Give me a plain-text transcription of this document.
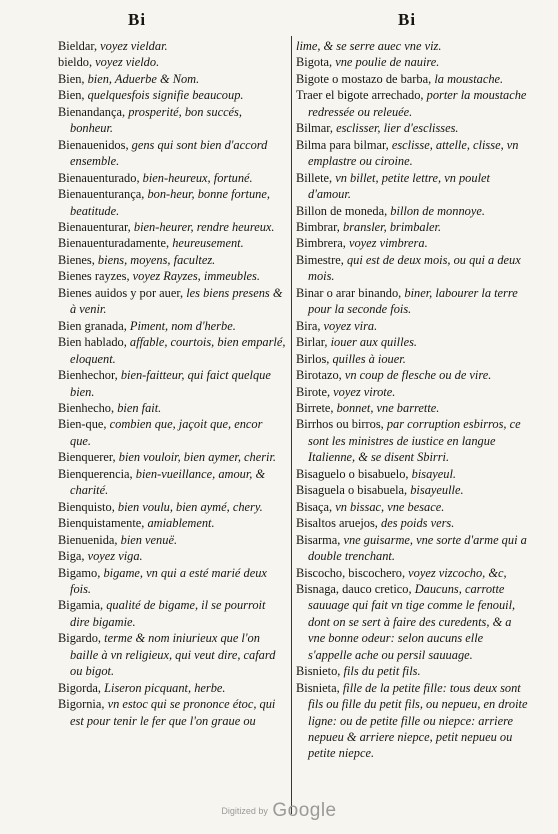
Bi	Bi

Bieldar, voyez vieldar.

bieldo, voyez vieldo.

Bien, bien, Aduerbe & Nom.

Bien, quelquesfois signifie beaucoup.

Bienandança, prosperité, bon succés, bonheur.

Bienauenidos, gens qui sont bien d'accord ensemble.

Bienauenturado, bien-heureux, fortuné.

Bienauenturança, bon-heur, bonne fortune, beatitude.

Bienauenturar, bien-heurer, rendre heureux.

Bienauenturadamente, heureusement.

Bienes, biens, moyens, facultez.

Bienes rayzes, voyez Rayzes, immeubles.

Bienes auidos y por auer, les biens presens & à venir.

Bien granada, Piment, nom d'herbe.

Bien hablado, affable, courtois, bien emparlé, eloquent.

Bienhechor, bien-faitteur, qui faict quelque bien.

Bienhecho, bien fait.

Bien-que, combien que, jaçoit que, encor que.

Bienquerer, bien vouloir, bien aymer, cherir.

Bienquerencia, bien-vueillance, amour, & charité.

Bienquisto, bien voulu, bien aymé, chery.

Bienquistamente, amiablement.

Bienuenida, bien venuë.

Biga, voyez viga.

Bigamo, bigame, vn qui a esté marié deux fois.

Bigamia, qualité de bigame, il se pourroit dire bigamie.

Bigardo, terme & nom iniurieux que l'on baille à vn religieux, qui veut dire, cafard ou bigot.

Bigorda, Liseron picquant, herbe.

Bigornia, vn estoc qui se prononce étoc, qui est pour tenir le fer que l'on graue ou

lime, & se serre auec vne viz.

Bigota, vne poulie de nauire.

Bigote o mostazo de barba, la moustache.

Traer el bigote arrechado, porter la moustache redressée ou releuée.

Bilmar, esclisser, lier d'esclisses.

Bilma para bilmar, esclisse, attelle, clisse, vn emplastre ou ciroine.

Billete, vn billet, petite lettre, vn poulet d'amour.

Billon de moneda, billon de monnoye.

Bimbrar, bransler, brimbaler.

Bimbrera, voyez vimbrera.

Bimestre, qui est de deux mois, ou qui a deux mois.

Binar o arar binando, biner, labourer la terre pour la seconde fois.

Bira, voyez vira.

Birlar, iouer aux quilles.

Birlos, quilles à iouer.

Birotazo, vn coup de flesche ou de vire.

Birote, voyez virote.

Birrete, bonnet, vne barrette.

Birrhos ou birros, par corruption esbirros, ce sont les ministres de iustice en langue Italienne, & se disent Sbirri.

Bisaguelo o bisabuelo, bisayeul.

Bisaguela o bisabuela, bisayeulle.

Bisaça, vn bissac, vne besace.

Bisaltos aruejos, des poids vers.

Bisarma, vne guisarme, vne sorte d'arme qui a double trenchant.

Biscocho, biscochero, voyez vizcocho, &c,

Bisnaga, dauco cretico, Daucuns, carrotte sauuage qui fait vn tige comme le fenouil, dont on se sert à faire des curedents, & a vne bonne odeur: selon aucuns elle s'appelle ache ou persil sauuage.

Bisnieto, fils du petit fils.

Bisnieta, fille de la petite fille: tous deux sont fils ou fille du petit fils, ou nepueu, en droite ligne: ou de petite fille ou niepce: arriere nepueu & arriere niepce, petit nepueu ou petite niepce.

Digitized by Google
